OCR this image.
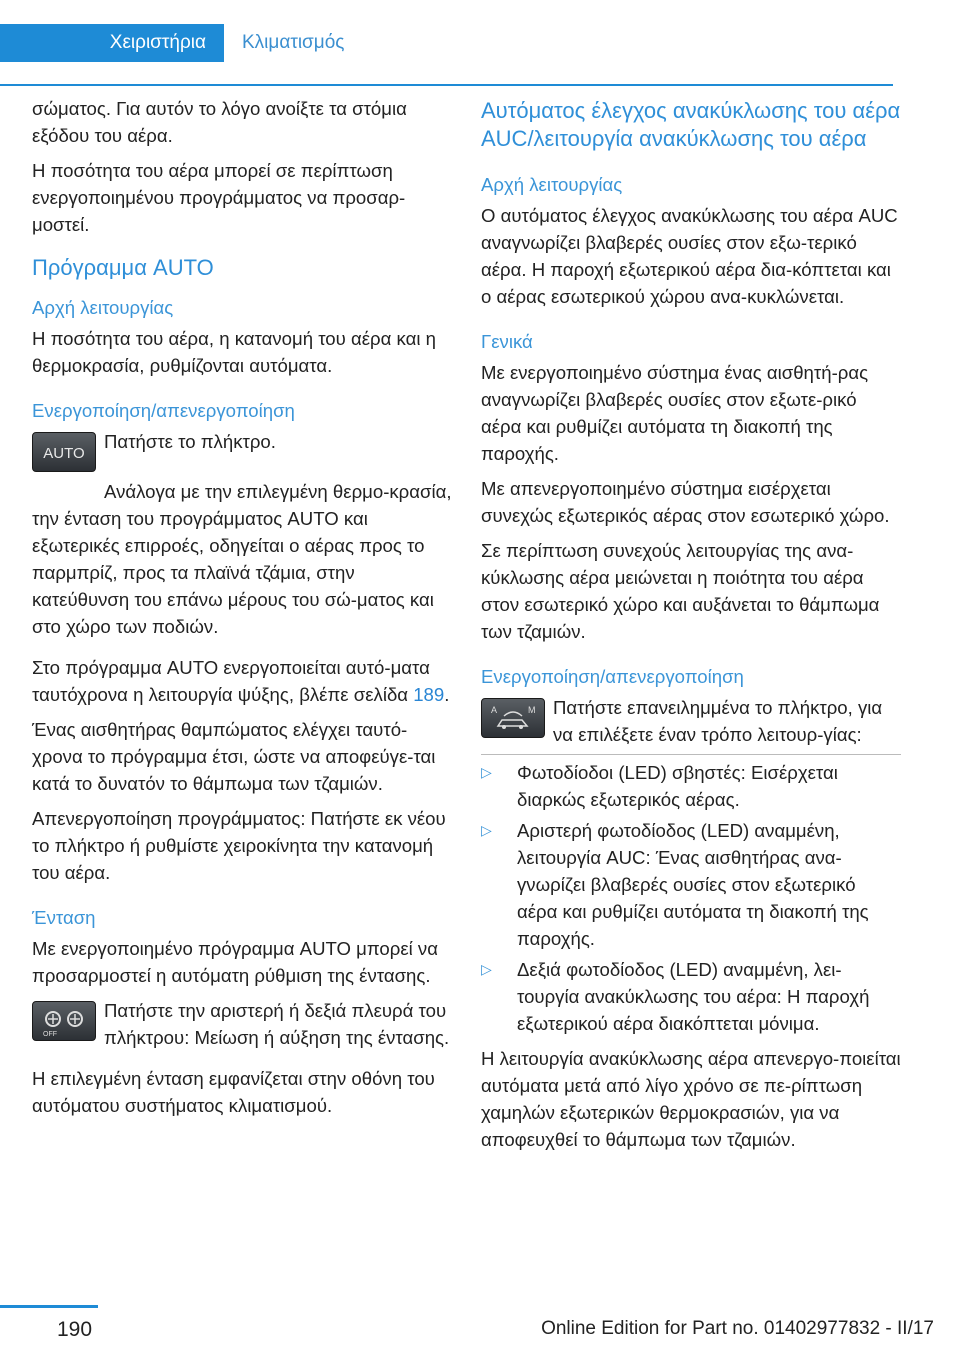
Χειριστήρια	Κλιματισμός

σώματος. Για αυτόν το λόγο ανοίξτε τα στόμια εξόδου του αέρα.

Η ποσότητα του αέρα μπορεί σε περίπτωση ενεργοποιημένου προγράμματος να προσαρ‐μοστεί.

Πρόγραμμα AUTO
Αρχή λειτουργίας

Η ποσότητα του αέρα, η κατανομή του αέρα και η θερμοκρασία, ρυθμίζονται αυτόματα.

Ενεργοποίηση/απενεργοποίηση
AUTO
Πατήστε το πλήκτρο.

Ανάλογα με την επιλεγμένη θερμο‐κρασία, την ένταση του προγράμματος AUTO και εξωτερικές επιρροές, οδηγείται ο αέρας προς το παρμπρίζ, προς τα πλαϊνά τζάμια, στην κατεύθυνση του επάνω μέρους του σώ‐ματος και στο χώρο των ποδιών.

Στο πρόγραμμα AUTO ενεργοποιείται αυτό‐ματα ταυτόχρονα η λειτουργία ψύξης, βλέπε σελίδα 189.

Ένας αισθητήρας θαμπώματος ελέγχει ταυτό‐χρονα το πρόγραμμα έτσι, ώστε να αποφεύγε‐ται κατά το δυνατόν το θάμπωμα των τζαμιών.

Απενεργοποίηση προγράμματος: Πατήστε εκ νέου το πλήκτρο ή ρυθμίστε χειροκίνητα την κατανομή του αέρα.

Ένταση

Με ενεργοποιημένο πρόγραμμα AUTO μπορεί να προσαρμοστεί η αυτόματη ρύθμιση της έντασης.

OFF
Πατήστε την αριστερή ή δεξιά πλευρά του πλήκτρου: Μείωση ή αύξηση της έντασης.

Η επιλεγμένη ένταση εμφανίζεται στην οθόνη του αυτόματου συστήματος κλιματισμού.

Αυτόματος έλεγχος ανακύκλωσης του αέρα AUC/λειτουργία ανακύκλωσης του αέρα
Αρχή λειτουργίας

Ο αυτόματος έλεγχος ανακύκλωσης του αέρα AUC αναγνωρίζει βλαβερές ουσίες στον εξω‐τερικό αέρα. Η παροχή εξωτερικού αέρα δια‐κόπτεται και ο αέρας εσωτερικού χώρου ανα‐κυκλώνεται.

Γενικά

Με ενεργοποιημένο σύστημα ένας αισθητή‐ρας αναγνωρίζει βλαβερές ουσίες στον εξωτε‐ρικό αέρα και ρυθμίζει αυτόματα τη διακοπή της παροχής.

Με απενεργοποιημένο σύστημα εισέρχεται συνεχώς εξωτερικός αέρας στον εσωτερικό χώρο.

Σε περίπτωση συνεχούς λειτουργίας της ανα‐κύκλωσης αέρα μειώνεται η ποιότητα του αέρα στον εσωτερικό χώρο και αυξάνεται το θάμπωμα των τζαμιών.

Ενεργοποίηση/απενεργοποίηση
A	M Πατήστε επανειλημμένα το πλήκτρο, για να επιλέξετε έναν τρόπο λειτουρ‐γίας:
▷ Φωτοδίοδοι (LED) σβηστές: Εισέρχεται διαρκώς εξωτερικός αέρας.
▷ Αριστερή φωτοδίοδος (LED) αναμμένη, λειτουργία AUC: Ένας αισθητήρας ανα‐γνωρίζει βλαβερές ουσίες στον εξωτερικό αέρα και ρυθμίζει αυτόματα τη διακοπή της παροχής.
▷ Δεξιά φωτοδίοδος (LED) αναμμένη, λει‐τουργία ανακύκλωσης του αέρα: Η παροχή εξωτερικού αέρα διακόπτεται μόνιμα.

Η λειτουργία ανακύκλωσης αέρα απενεργο‐ποιείται αυτόματα μετά από λίγο χρόνο σε πε‐ρίπτωση χαμηλών εξωτερικών θερμοκρασιών, για να αποφευχθεί το θάμπωμα των τζαμιών.

190	Online Edition for Part no. 01402977832 - II/17
